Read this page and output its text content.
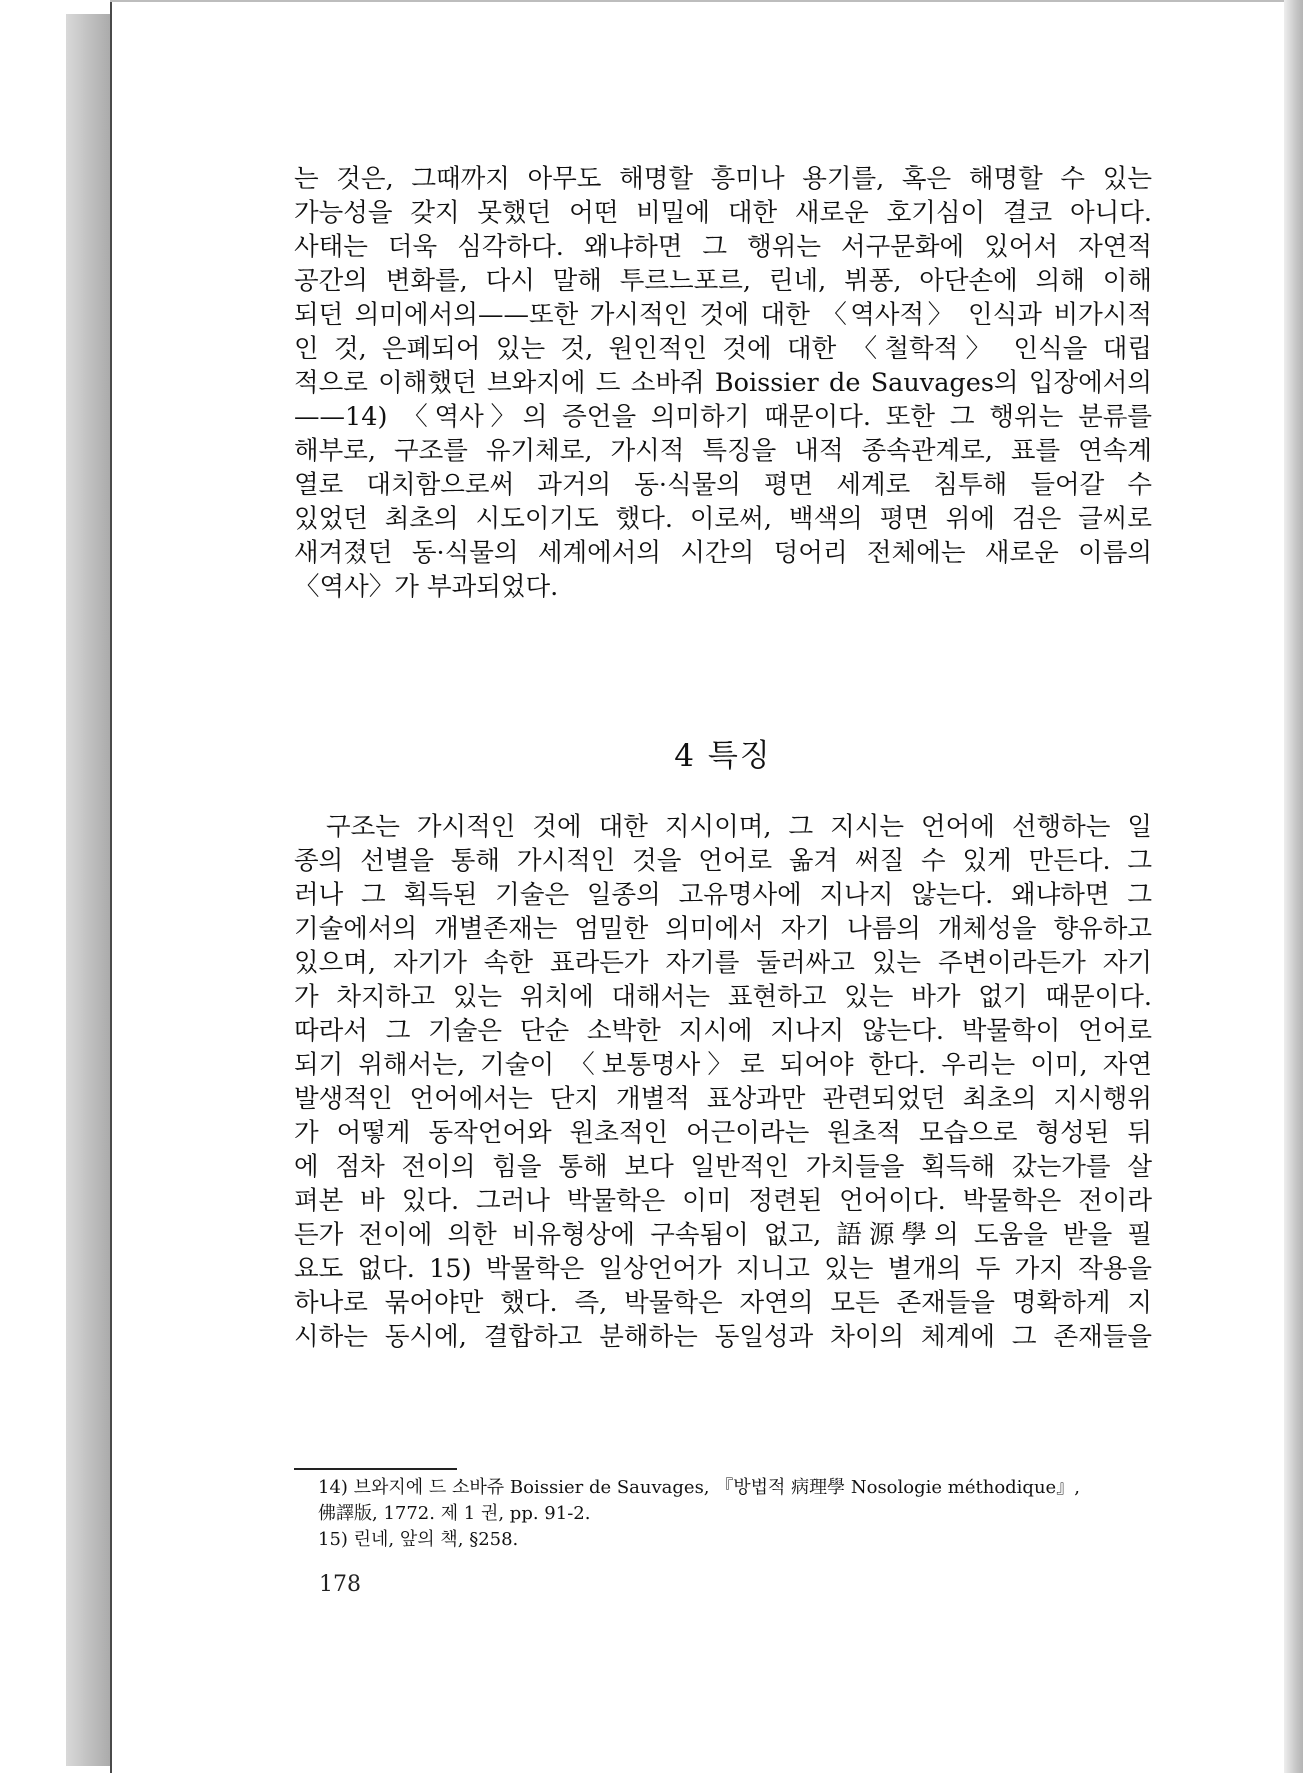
는 것은, 그때까지 아무도 해명할 흥미나 용기를, 혹은 해명할 수 있는
가능성을 갖지 못했던 어떤 비밀에 대한 새로운 호기심이 결코 아니다.
사태는 더욱 심각하다. 왜냐하면 그 행위는 서구문화에 있어서 자연적
공간의 변화를, 다시 말해 투르느포르, 린네, 뷔퐁, 아단손에 의해 이해
되던 의미에서의——또한 가시적인 것에 대한 〈역사적〉 인식과 비가시적
인 것, 은폐되어 있는 것, 원인적인 것에 대한 〈철학적〉 인식을 대립
적으로 이해했던 브와지에 드 소바쥐 Boissier de Sauvages의 입장에서의
——14) 〈역사〉의 증언을 의미하기 때문이다. 또한 그 행위는 분류를
해부로, 구조를 유기체로, 가시적 특징을 내적 종속관계로, 표를 연속계
열로 대치함으로써 과거의 동·식물의 평면 세계로 침투해 들어갈 수
있었던 최초의 시도이기도 했다. 이로써, 백색의 평면 위에 검은 글씨로
새겨졌던 동·식물의 세계에서의 시간의 덩어리 전체에는 새로운 이름의
〈역사〉가 부과되었다.
4 특징
구조는 가시적인 것에 대한 지시이며, 그 지시는 언어에 선행하는 일
종의 선별을 통해 가시적인 것을 언어로 옮겨 써질 수 있게 만든다. 그
러나 그 획득된 기술은 일종의 고유명사에 지나지 않는다. 왜냐하면 그
기술에서의 개별존재는 엄밀한 의미에서 자기 나름의 개체성을 향유하고
있으며, 자기가 속한 표라든가 자기를 둘러싸고 있는 주변이라든가 자기
가 차지하고 있는 위치에 대해서는 표현하고 있는 바가 없기 때문이다.
따라서 그 기술은 단순 소박한 지시에 지나지 않는다. 박물학이 언어로
되기 위해서는, 기술이 〈보통명사〉로 되어야 한다. 우리는 이미, 자연
발생적인 언어에서는 단지 개별적 표상과만 관련되었던 최초의 지시행위
가 어떻게 동작언어와 원초적인 어근이라는 원초적 모습으로 형성된 뒤
에 점차 전이의 힘을 통해 보다 일반적인 가치들을 획득해 갔는가를 살
펴본 바 있다. 그러나 박물학은 이미 정련된 언어이다. 박물학은 전이라
든가 전이에 의한 비유형상에 구속됨이 없고, 語源學의 도움을 받을 필
요도 없다. 15) 박물학은 일상언어가 지니고 있는 별개의 두 가지 작용을
하나로 묶어야만 했다. 즉, 박물학은 자연의 모든 존재들을 명확하게 지
시하는 동시에, 결합하고 분해하는 동일성과 차이의 체계에 그 존재들을
14) 브와지에 드 소바쥬 Boissier de Sauvages, 『방법적 病理學 Nosologie méthodique』,
佛譯版, 1772. 제 1 권, pp. 91-2.
15) 린네, 앞의 책, §258.
178
